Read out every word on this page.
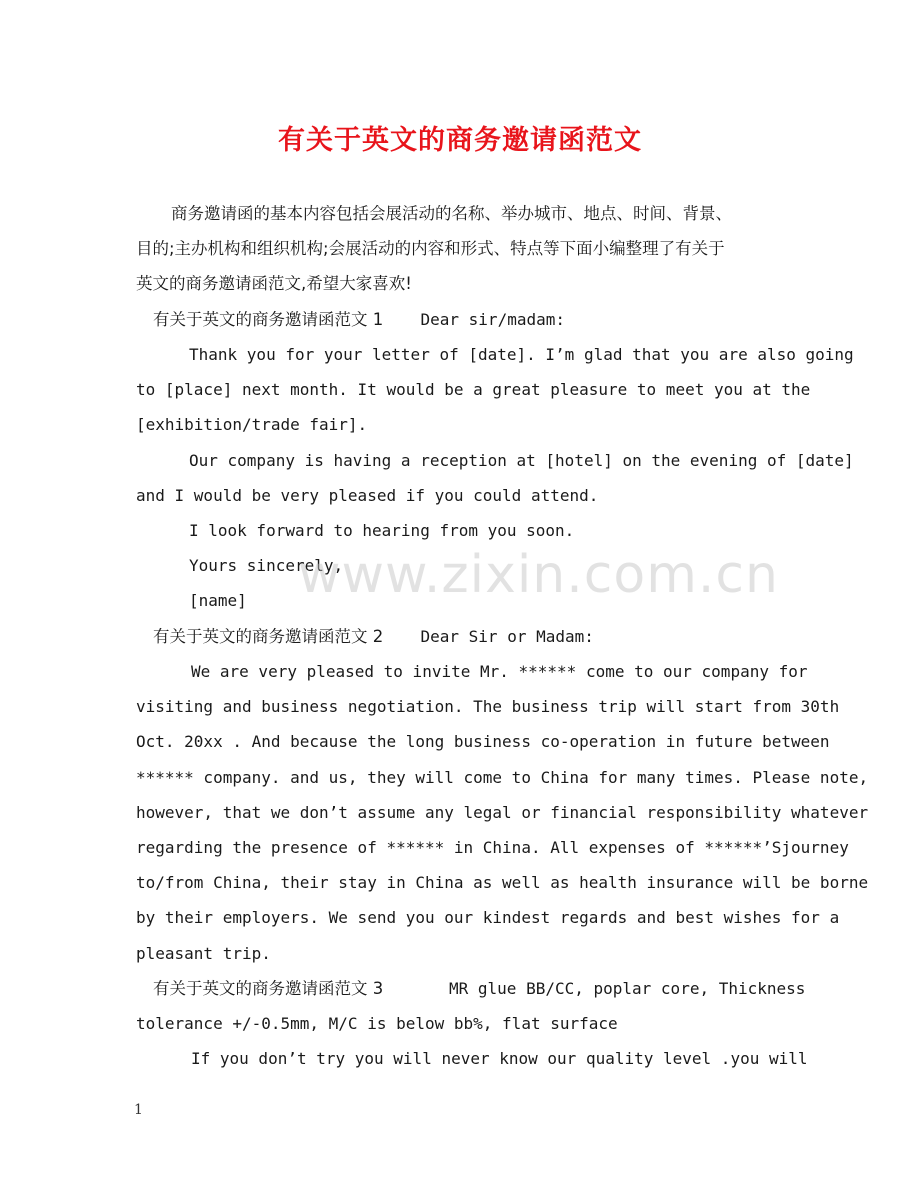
有关于英文的商务邀请函范文
商务邀请函的基本内容包括会展活动的名称、举办城市、地点、时间、背景、
目的;主办机构和组织机构;会展活动的内容和形式、特点等下面小编整理了有关于
英文的商务邀请函范文,希望大家喜欢!
有关于英文的商务邀请函范文 1 Dear sir/madam:
Thank you for your letter of [date]. I’m glad that you are also going
to [place] next month. It would be a great pleasure to meet you at the
[exhibition/trade fair].
Our company is having a reception at [hotel] on the evening of [date]
and I would be very pleased if you could attend.
I look forward to hearing from you soon.
Yours sincerely,
[name]
有关于英文的商务邀请函范文 2 Dear Sir or Madam:
We are very pleased to invite Mr. ****** come to our company for
visiting and business negotiation. The business trip will start from 30th
Oct. 20xx . And because the long business co-operation in future between
****** company. and us, they will come to China for many times. Please note,
however, that we don’t assume any legal or financial responsibility whatever
regarding the presence of ****** in China. All expenses of ******’Sjourney
to/from China, their stay in China as well as health insurance will be borne
by their employers. We send you our kindest regards and best wishes for a
pleasant trip.
有关于英文的商务邀请函范文 3	MR glue BB/CC, poplar core, Thickness
tolerance +/-0.5mm, M/C is below bb%, flat surface
If you don’t try you will never know our quality level .you will
www.zixin.com.cn
1
